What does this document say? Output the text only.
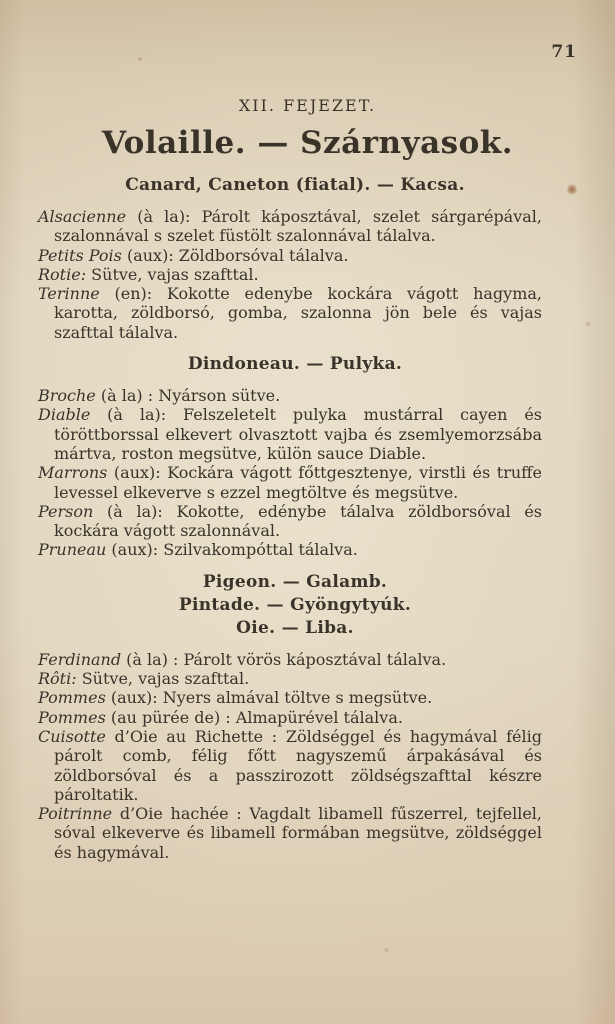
71
XII. FEJEZET.
Volaille. — Szárnyasok.
Canard, Caneton (fiatal). — Kacsa.

Alsacienne (à la): Párolt káposztával, szelet sárgarépával, szalonnával s szelet füstölt szalonnával tálalva.

Petits Pois (aux): Zöldborsóval tálalva.

Rotie: Sütve, vajas szafttal.

Terinne (en): Kokotte edenybe kockára vágott hagyma, karotta, zöldborsó, gomba, szalonna jön bele és vajas szafttal tálalva.

Dindoneau. — Pulyka.

Broche (à la) : Nyárson sütve.

Diable (à la): Felszeletelt pulyka mustárral cayen és töröttborssal elkevert olvasztott vajba és zsemlyemorzsába mártva, roston megsütve, külön sauce Diable.

Marrons (aux): Kockára vágott főttgesztenye, virstli és truffe levessel elkeverve s ezzel megtöltve és megsütve.

Person (à la): Kokotte, edénybe tálalva zöldborsóval és kockára vágott szalonnával.

Pruneau (aux): Szilvakompóttal tálalva.

Pigeon. — Galamb.
Pintade. — Gyöngytyúk.
Oie. — Liba.

Ferdinand (à la) : Párolt vörös káposztával tálalva.

Rôti: Sütve, vajas szafttal.

Pommes (aux): Nyers almával töltve s megsütve.

Pommes (au pürée de) : Almapürével tálalva.

Cuisotte d’Oie au Richette : Zöldséggel és hagymával félig párolt comb, félig főtt nagyszemű árpakásával és zöldborsóval és a passzirozott zöldségszafttal készre pároltatik.

Poitrinne d’Oie hachée : Vagdalt libamell fűszerrel, tejfellel, sóval elkeverve és libamell formában megsütve, zöldséggel és hagymával.
